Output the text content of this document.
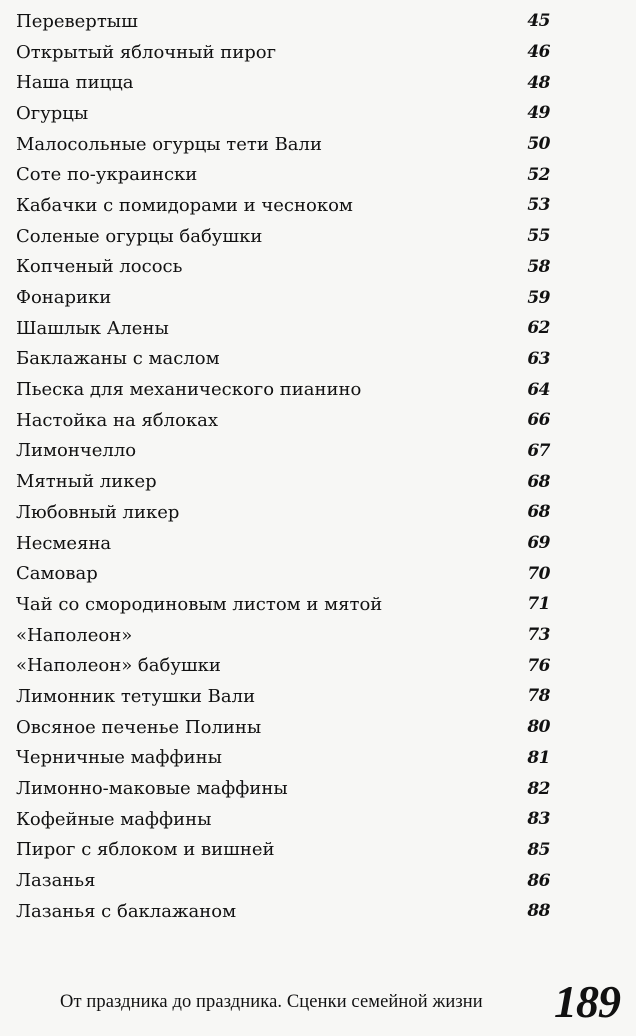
Перевертыш	45
Открытый яблочный пирог	46
Наша пицца	48
Огурцы	49
Малосольные огурцы тети Вали	50
Соте по-украински	52
Кабачки с помидорами и чесноком	53
Соленые огурцы бабушки	55
Копченый лосось	58
Фонарики	59
Шашлык Алены	62
Баклажаны с маслом	63
Пьеска для механического пианино	64
Настойка на яблоках	66
Лимончелло	67
Мятный ликер	68
Любовный ликер	68
Несмеяна	69
Самовар	70
Чай со смородиновым листом и мятой	71
«Наполеон»	73
«Наполеон» бабушки	76
Лимонник тетушки Вали	78
Овсяное печенье Полины	80
Черничные маффины	81
Лимонно-маковые маффины	82
Кофейные маффины	83
Пирог с яблоком и вишней	85
Лазанья	86
Лазанья с баклажаном	88
От праздника до праздника. Сценки семейной жизни 189
